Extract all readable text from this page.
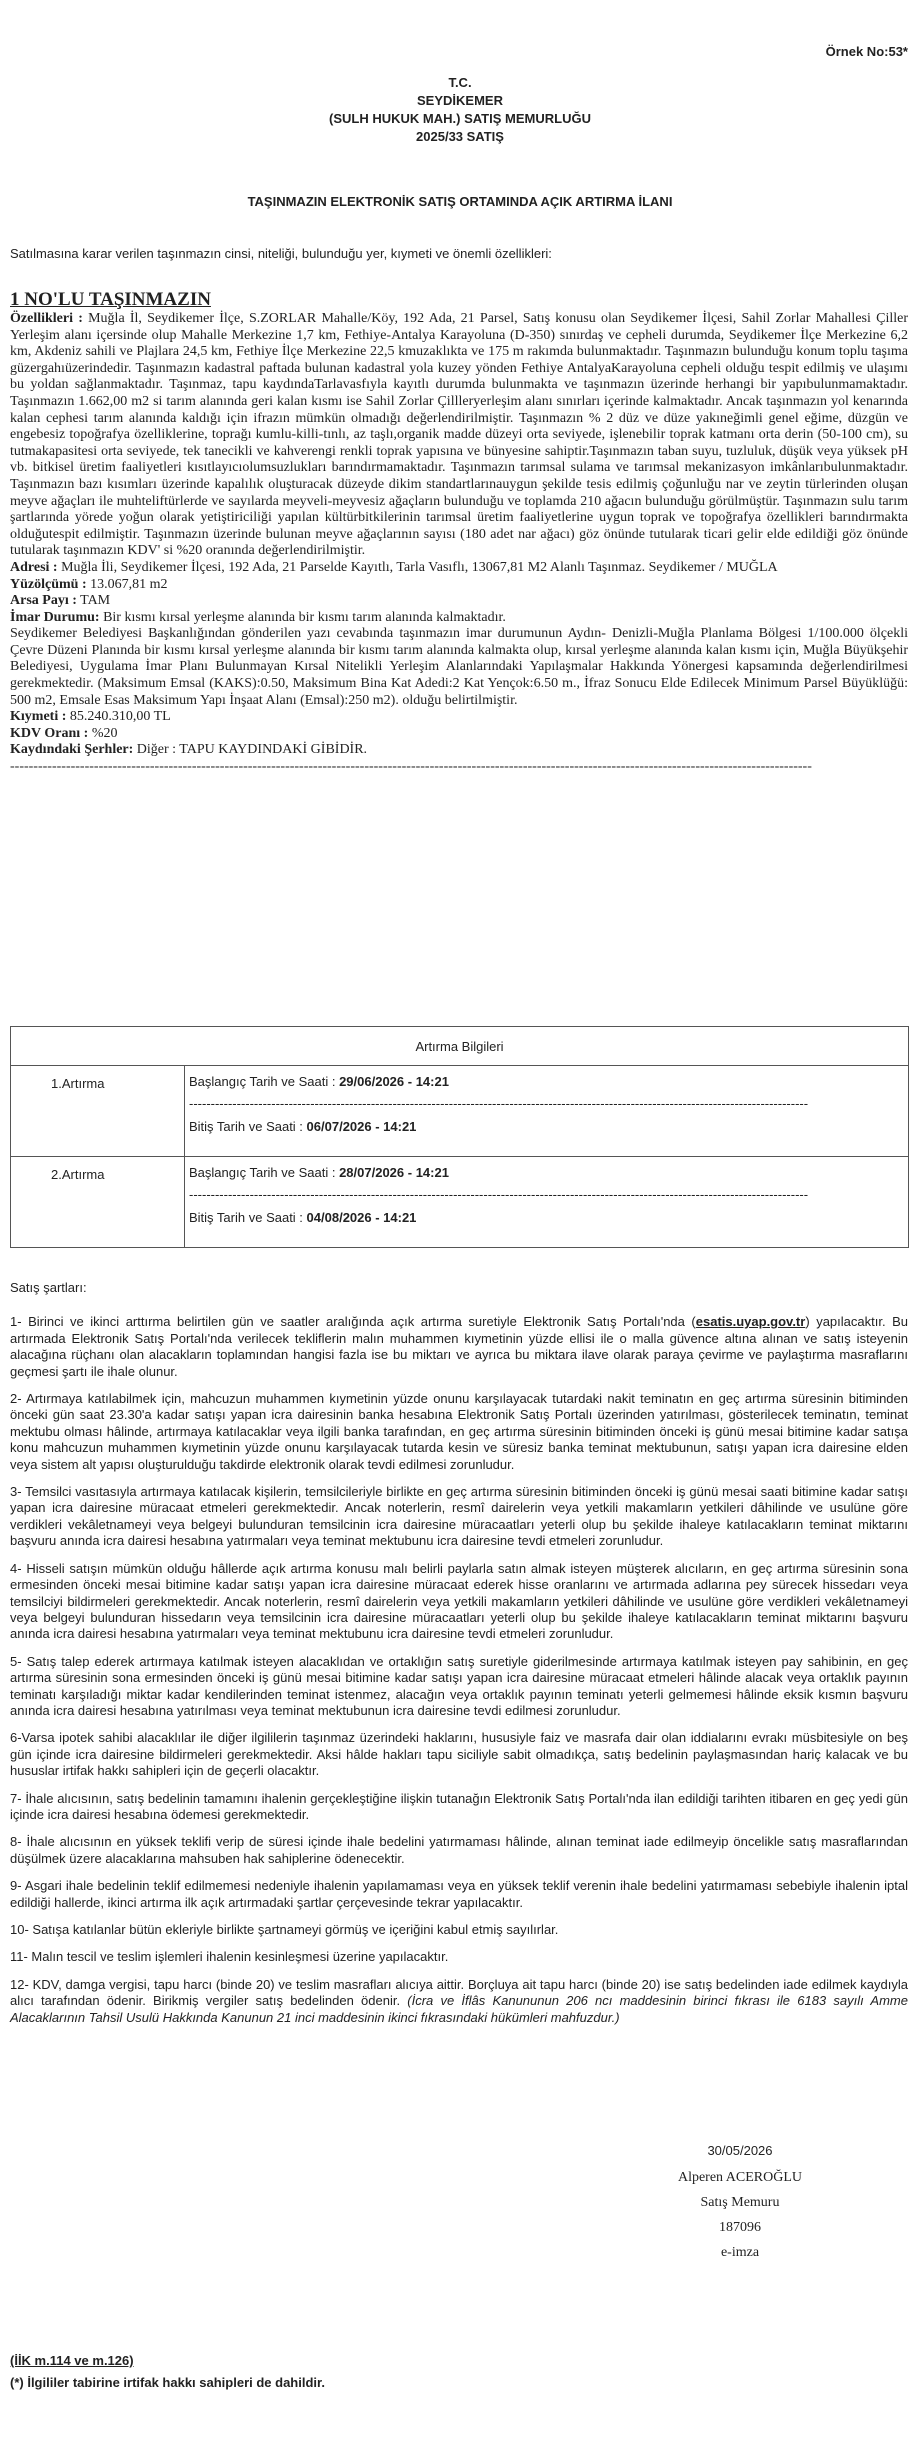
Örnek No:53*
T.C.
SEYDİKEMER
(SULH HUKUK MAH.) SATIŞ MEMURLUĞU
2025/33 SATIŞ
TAŞINMAZIN ELEKTRONİK SATIŞ ORTAMINDA AÇIK ARTIRMA İLANI
Satılmasına karar verilen taşınmazın cinsi, niteliği, bulunduğu yer, kıymeti ve önemli özellikleri:
1 NO'LU TAŞINMAZIN

Özellikleri : Muğla İl, Seydikemer İlçe, S.ZORLAR Mahalle/Köy, 192 Ada, 21 Parsel, Satış konusu olan Seydikemer İlçesi, Sahil Zorlar Mahallesi Çiller Yerleşim alanı içersinde olup Mahalle Merkezine 1,7 km, Fethiye-Antalya Karayoluna (D-350) sınırdaş ve cepheli durumda, Seydikemer İlçe Merkezine 6,2 km, Akdeniz sahili ve Plajlara 24,5 km, Fethiye İlçe Merkezine 22,5 kmuzaklıkta ve 175 m rakımda bulunmaktadır. Taşınmazın bulunduğu konum toplu taşıma güzergahıüzerindedir. Taşınmazın kadastral paftada bulunan kadastral yola kuzey yönden Fethiye AntalyaKarayoluna cepheli olduğu tespit edilmiş ve ulaşımı bu yoldan sağlanmaktadır. Taşınmaz, tapu kaydındaTarlavasfıyla kayıtlı durumda bulunmakta ve taşınmazın üzerinde herhangi bir yapıbulunmamaktadır. Taşınmazın 1.662,00 m2 si tarım alanında geri kalan kısmı ise Sahil Zorlar Çillleryerleşim alanı sınırları içerinde kalmaktadır. Ancak taşınmazın yol kenarında kalan cephesi tarım alanında kaldığı için ifrazın mümkün olmadığı değerlendirilmiştir. Taşınmazın % 2 düz ve düze yakıneğimli genel eğime, düzgün ve engebesiz topoğrafya özelliklerine, toprağı kumlu-killi-tınlı, az taşlı,organik madde düzeyi orta seviyede, işlenebilir toprak katmanı orta derin (50-100 cm), su tutmakapasitesi orta seviyede, tek tanecikli ve kahverengi renkli toprak yapısına ve bünyesine sahiptir.Taşınmazın taban suyu, tuzluluk, düşük veya yüksek pH vb. bitkisel üretim faaliyetleri kısıtlayıcıolumsuzlukları barındırmamaktadır. Taşınmazın tarımsal sulama ve tarımsal mekanizasyon imkânlarıbulunmaktadır. Taşınmazın bazı kısımları üzerinde kapalılık oluşturacak düzeyde dikim standartlarınauygun şekilde tesis edilmiş çoğunluğu nar ve zeytin türlerinden oluşan meyve ağaçları ile muhteliftürlerde ve sayılarda meyveli-meyvesiz ağaçların bulunduğu ve toplamda 210 ağacın bulunduğu görülmüştür. Taşınmazın sulu tarım şartlarında yörede yoğun olarak yetiştiriciliği yapılan kültürbitkilerinin tarımsal üretim faaliyetlerine uygun toprak ve topoğrafya özellikleri barındırmakta olduğutespit edilmiştir. Taşınmazın üzerinde bulunan meyve ağaçlarının sayısı (180 adet nar ağacı) göz önünde tutularak ticari gelir elde edildiği göz önünde tutularak taşınmazın KDV' si %20 oranında değerlendirilmiştir.

Adresi : Muğla İli, Seydikemer İlçesi, 192 Ada, 21 Parselde Kayıtlı, Tarla Vasıflı, 13067,81 M2 Alanlı Taşınmaz. Seydikemer / MUĞLA

Yüzölçümü : 13.067,81 m2

Arsa Payı : TAM

İmar Durumu: Bir kısmı kırsal yerleşme alanında bir kısmı tarım alanında kalmaktadır.

Seydikemer Belediyesi Başkanlığından gönderilen yazı cevabında taşınmazın imar durumunun Aydın- Denizli-Muğla Planlama Bölgesi 1/100.000 ölçekli Çevre Düzeni Planında bir kısmı kırsal yerleşme alanında bir kısmı tarım alanında kalmakta olup, kırsal yerleşme alanında kalan kısmı için, Muğla Büyükşehir Belediyesi, Uygulama İmar Planı Bulunmayan Kırsal Nitelikli Yerleşim Alanlarındaki Yapılaşmalar Hakkında Yönergesi kapsamında değerlendirilmesi gerekmektedir. (Maksimum Emsal (KAKS):0.50, Maksimum Bina Kat Adedi:2 Kat Yençok:6.50 m., İfraz Sonucu Elde Edilecek Minimum Parsel Büyüklüğü: 500 m2, Emsale Esas Maksimum Yapı İnşaat Alanı (Emsal):250 m2). olduğu belirtilmiştir.

Kıymeti : 85.240.310,00 TL

KDV Oranı : %20

Kaydındaki Şerhler: Diğer : TAPU KAYDINDAKİ GİBİDİR.

----------------------------------------------------------------------------------------------------------------------------------------------------------------------------

Artırma Bilgileri	
1.Artırma	Başlangıç Tarih ve Saati : 29/06/2026 - 14:21
-----------------------------------------------------------------------------------------------------------------------------------------------
Bitiş Tarih ve Saati : 06/07/2026 - 14:21

2.Artırma	Başlangıç Tarih ve Saati : 28/07/2026 - 14:21
-----------------------------------------------------------------------------------------------------------------------------------------------
Bitiş Tarih ve Saati : 04/08/2026 - 14:21

Satış şartları:

1- Birinci ve ikinci arttırma belirtilen gün ve saatler aralığında açık artırma suretiyle Elektronik Satış Portalı'nda (esatis.uyap.gov.tr) yapılacaktır. Bu artırmada Elektronik Satış Portalı'nda verilecek tekliflerin malın muhammen kıymetinin yüzde ellisi ile o malla güvence altına alınan ve satış isteyenin alacağına rüçhanı olan alacakların toplamından hangisi fazla ise bu miktarı ve ayrıca bu miktara ilave olarak paraya çevirme ve paylaştırma masraflarını geçmesi şartı ile ihale olunur.

2- Artırmaya katılabilmek için, mahcuzun muhammen kıymetinin yüzde onunu karşılayacak tutardaki nakit teminatın en geç artırma süresinin bitiminden önceki gün saat 23.30'a kadar satışı yapan icra dairesinin banka hesabına Elektronik Satış Portalı üzerinden yatırılması, gösterilecek teminatın, teminat mektubu olması hâlinde, artırmaya katılacaklar veya ilgili banka tarafından, en geç artırma süresinin bitiminden önceki iş günü mesai bitimine kadar satışa konu mahcuzun muhammen kıymetinin yüzde onunu karşılayacak tutarda kesin ve süresiz banka teminat mektubunun, satışı yapan icra dairesine elden veya sistem alt yapısı oluşturulduğu takdirde elektronik olarak tevdi edilmesi zorunludur.

3- Temsilci vasıtasıyla artırmaya katılacak kişilerin, temsilcileriyle birlikte en geç artırma süresinin bitiminden önceki iş günü mesai saati bitimine kadar satışı yapan icra dairesine müracaat etmeleri gerekmektedir. Ancak noterlerin, resmî dairelerin veya yetkili makamların yetkileri dâhilinde ve usulüne göre verdikleri vekâletnameyi veya belgeyi bulunduran temsilcinin icra dairesine müracaatları yeterli olup bu şekilde ihaleye katılacakların teminat miktarını başvuru anında icra dairesi hesabına yatırmaları veya teminat mektubunu icra dairesine tevdi etmeleri zorunludur.

4- Hisseli satışın mümkün olduğu hâllerde açık artırma konusu malı belirli paylarla satın almak isteyen müşterek alıcıların, en geç artırma süresinin sona ermesinden önceki mesai bitimine kadar satışı yapan icra dairesine müracaat ederek hisse oranlarını ve artırmada adlarına pey sürecek hissedarı veya temsilciyi bildirmeleri gerekmektedir. Ancak noterlerin, resmî dairelerin veya yetkili makamların yetkileri dâhilinde ve usulüne göre verdikleri vekâletnameyi veya belgeyi bulunduran hissedarın veya temsilcinin icra dairesine müracaatları yeterli olup bu şekilde ihaleye katılacakların teminat miktarını başvuru anında icra dairesi hesabına yatırmaları veya teminat mektubunu icra dairesine tevdi etmeleri zorunludur.

5- Satış talep ederek artırmaya katılmak isteyen alacaklıdan ve ortaklığın satış suretiyle giderilmesinde artırmaya katılmak isteyen pay sahibinin, en geç artırma süresinin sona ermesinden önceki iş günü mesai bitimine kadar satışı yapan icra dairesine müracaat etmeleri hâlinde alacak veya ortaklık payının teminatı karşıladığı miktar kadar kendilerinden teminat istenmez, alacağın veya ortaklık payının teminatı yeterli gelmemesi hâlinde eksik kısmın başvuru anında icra dairesi hesabına yatırılması veya teminat mektubunun icra dairesine tevdi edilmesi zorunludur.

6-Varsa ipotek sahibi alacaklılar ile diğer ilgililerin taşınmaz üzerindeki haklarını, hususiyle faiz ve masrafa dair olan iddialarını evrakı müsbitesiyle on beş gün içinde icra dairesine bildirmeleri gerekmektedir. Aksi hâlde hakları tapu siciliyle sabit olmadıkça, satış bedelinin paylaşmasından hariç kalacak ve bu hususlar irtifak hakkı sahipleri için de geçerli olacaktır.

7- İhale alıcısının, satış bedelinin tamamını ihalenin gerçekleştiğine ilişkin tutanağın Elektronik Satış Portalı'nda ilan edildiği tarihten itibaren en geç yedi gün içinde icra dairesi hesabına ödemesi gerekmektedir.

8- İhale alıcısının en yüksek teklifi verip de süresi içinde ihale bedelini yatırmaması hâlinde, alınan teminat iade edilmeyip öncelikle satış masraflarından düşülmek üzere alacaklarına mahsuben hak sahiplerine ödenecektir.

9- Asgari ihale bedelinin teklif edilmemesi nedeniyle ihalenin yapılamaması veya en yüksek teklif verenin ihale bedelini yatırmaması sebebiyle ihalenin iptal edildiği hallerde, ikinci artırma ilk açık artırmadaki şartlar çerçevesinde tekrar yapılacaktır.

10- Satışa katılanlar bütün ekleriyle birlikte şartnameyi görmüş ve içeriğini kabul etmiş sayılırlar.

11- Malın tescil ve teslim işlemleri ihalenin kesinleşmesi üzerine yapılacaktır.

12- KDV, damga vergisi, tapu harcı (binde 20) ve teslim masrafları alıcıya aittir. Borçluya ait tapu harcı (binde 20) ise satış bedelinden iade edilmek kaydıyla alıcı tarafından ödenir. Birikmiş vergiler satış bedelinden ödenir. (İcra ve İflâs Kanununun 206 ncı maddesinin birinci fıkrası ile 6183 sayılı Amme Alacaklarının Tahsil Usulü Hakkında Kanunun 21 inci maddesinin ikinci fıkrasındaki hükümleri mahfuzdur.)

30/05/2026
Alperen ACEROĞLU
Satış Memuru
187096
e-imza
(İİK m.114 ve m.126)
(*) İlgililer tabirine irtifak hakkı sahipleri de dahildir.
